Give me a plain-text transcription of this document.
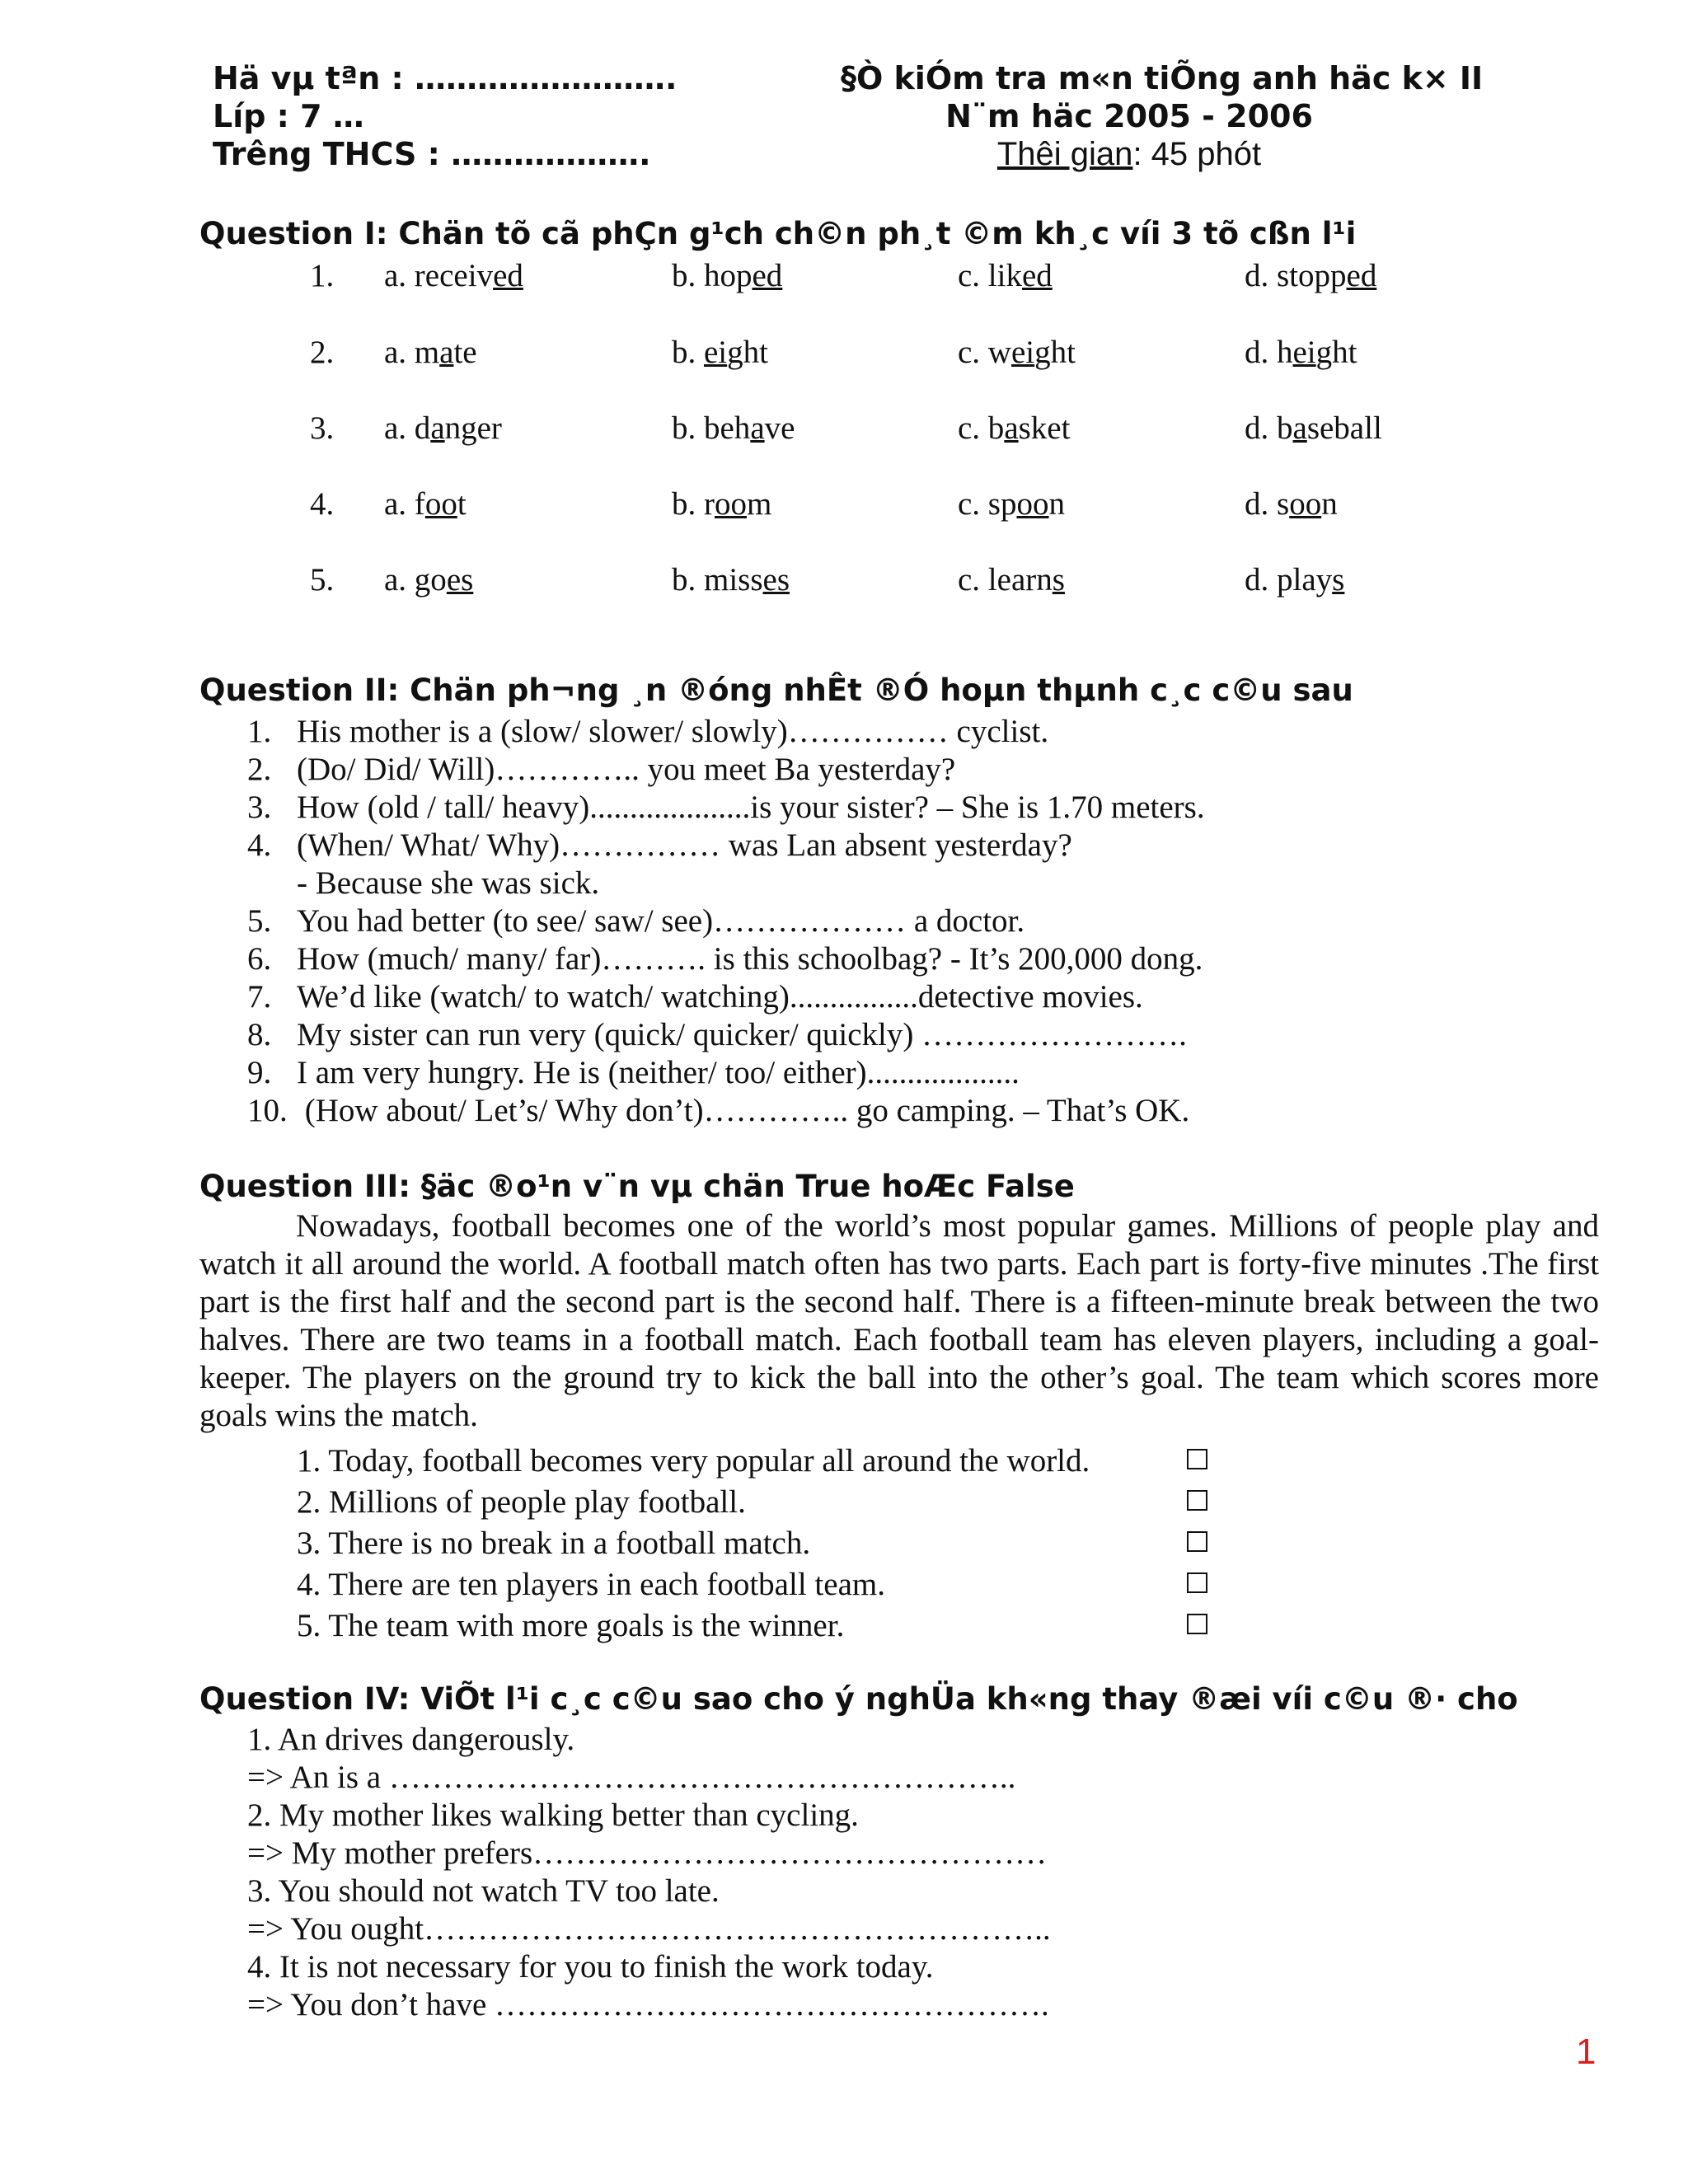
Hä vµ tªn : …………………….
Líp : 7 …
Trêng THCS : ……………….
§Ò kiÓm tra m«n tiÕng anh häc k× II
N¨m häc 2005 - 2006
Thêi gian: 45 phót
Question I: Chän tõ cã phÇn g¹ch ch©n ph¸t ©m kh¸c víi 3 tõ cßn l¹i
1. a. received	b. hoped	c. liked	d. stopped
2. a. mate	b. eight	c. weight	d. height
3. a. danger	b. behave	c. basket	d. baseball
4. a. foot	b. room	c. spoon	d. soon
5. a. goes	b. misses	c. learns	d. plays
Question II: Chän ph¬ng ¸n ®óng nhÊt ®Ó hoµn thµnh c¸c c©u sau
1. His mother is a (slow/ slower/ slowly)…………… cyclist.
2. (Do/ Did/ Will)………….. you meet Ba yesterday?
3. How (old / tall/ heavy)....................is your sister? – She is 1.70 meters.
4. (When/ What/ Why)…………… was Lan absent yesterday?
- Because she was sick.
5. You had better (to see/ saw/ see)……………… a doctor.
6. How (much/ many/ far)………. is this schoolbag? - It’s 200,000 dong.
7. We’d like (watch/ to watch/ watching)................detective movies.
8. My sister can run very (quick/ quicker/ quickly) …………………….
9. I am very hungry. He is (neither/ too/ either)...................
10. (How about/ Let’s/ Why don’t)………….. go camping. – That’s OK.
Question III: §äc ®o¹n v¨n vµ chän True hoÆc False

Nowadays, football becomes one of the world’s most popular games. Millions of people play and watch it all around the world. A football match often has two parts. Each part is forty-five minutes .The first part is the first half and the second part is the second half. There is a fifteen-minute break between the two halves. There are two teams in a football match. Each football team has eleven players, including a goal-keeper. The players on the ground try to kick the ball into the other’s goal. The team which scores more goals wins the match.

1. Today, football becomes very popular all around the world.
2. Millions of people play football.
3. There is no break in a football match.
4. There are ten players in each football team.
5. The team with more goals is the winner.
Question IV: ViÕt l¹i c¸c c©u sao cho ý nghÜa kh«ng thay ®æi víi c©u ®· cho
1. An drives dangerously.
=> An is a …………………………………………………..
2. My mother likes walking better than cycling.
=> My mother prefers…………………………………………
3. You should not watch TV too late.
=> You ought…………………………………………………..
4. It is not necessary for you to finish the work today.
=> You don’t have …………………………………………….
1
